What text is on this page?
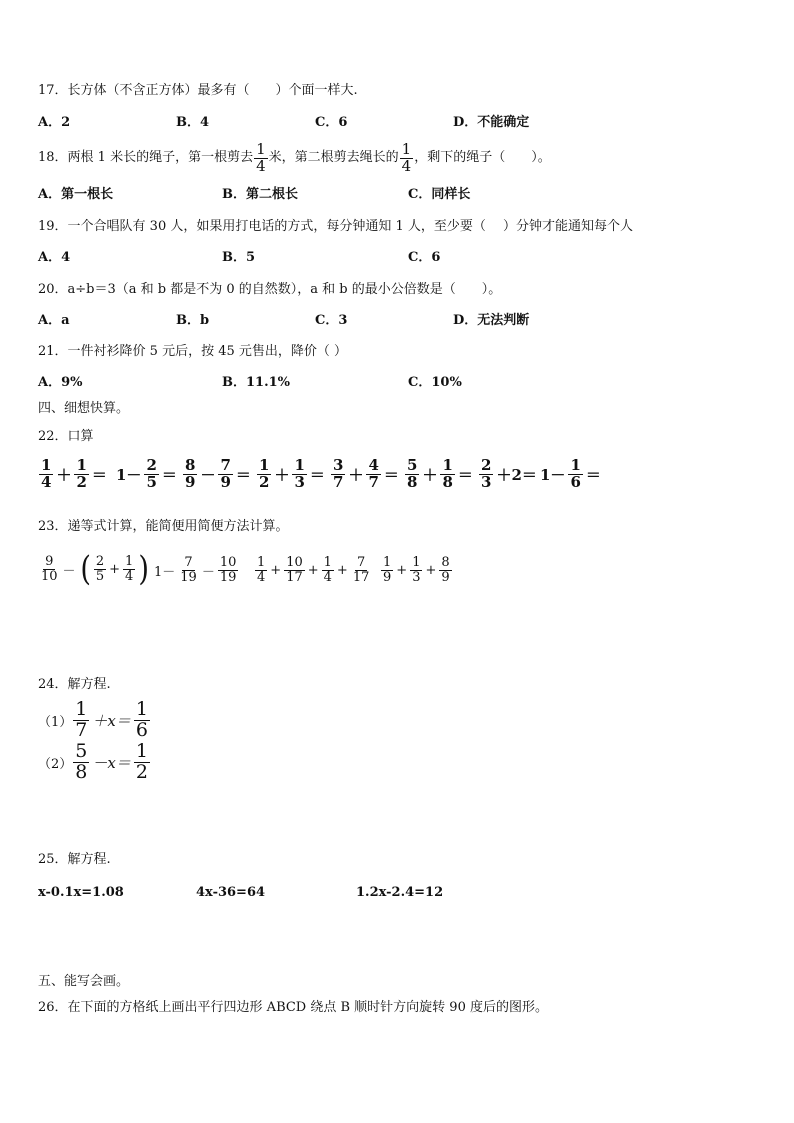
17．长方体（不含正方体）最多有（　　）个面一样大.
A．2	B．4	C．6	D．不能确定
18．两根 1 米长的绳子，第一根剪去 $\frac{1}{4}$ 米，第二根剪去绳长的 $\frac{1}{4}$ ，剩下的绳子（　　）。
A．第一根长	B．第二根长	C．同样长
19．一个合唱队有 30 人，如果用打电话的方式，每分钟通知 1 人，至少要（　 ）分钟才能通知每个人
A．4	B．5	C．6
20．a÷b＝3（a 和 b 都是不为 0 的自然数），a 和 b 的最小公倍数是（　　）。
A．a	B．b	C．3	D．无法判断
21．一件衬衫降价 5 元后，按 45 元售出，降价（ ）
A．9%	B．11.1%	C．10%
四、细想快算。
22．口算
$\frac{1}{4} + \frac{1}{2} = 1- \frac{2}{5} = \frac{8}{9} - \frac{7}{9} = \frac{1}{2} + \frac{1}{3} = \frac{3}{7} + \frac{4}{7} = \frac{5}{8} + \frac{1}{8} = \frac{2}{3} +2= 1- \frac{1}{6}$ ＝
23．递等式计算，能简便用简便方法计算。
$\frac{9}{10}$ － ( $\frac{2}{5} + \frac{1}{4}$ ) $1- \frac{7}{19} - \frac{10}{19} \frac{1}{4} + \frac{10}{17} + \frac{1}{4} + \frac{7}{17} \frac{1}{9} + \frac{1}{3} + \frac{8}{9}$
24．解方程.
$(1) \frac{1}{7} +x= \frac{1}{6}$
$(2) \frac{5}{8} -x= \frac{1}{2}$
25．解方程.
x-0.1x=1.08	4x-36=64	1.2x-2.4=12
五、能写会画。
26．在下面的方格纸上画出平行四边形 ABCD 绕点 B 顺时针方向旋转 90 度后的图形。
